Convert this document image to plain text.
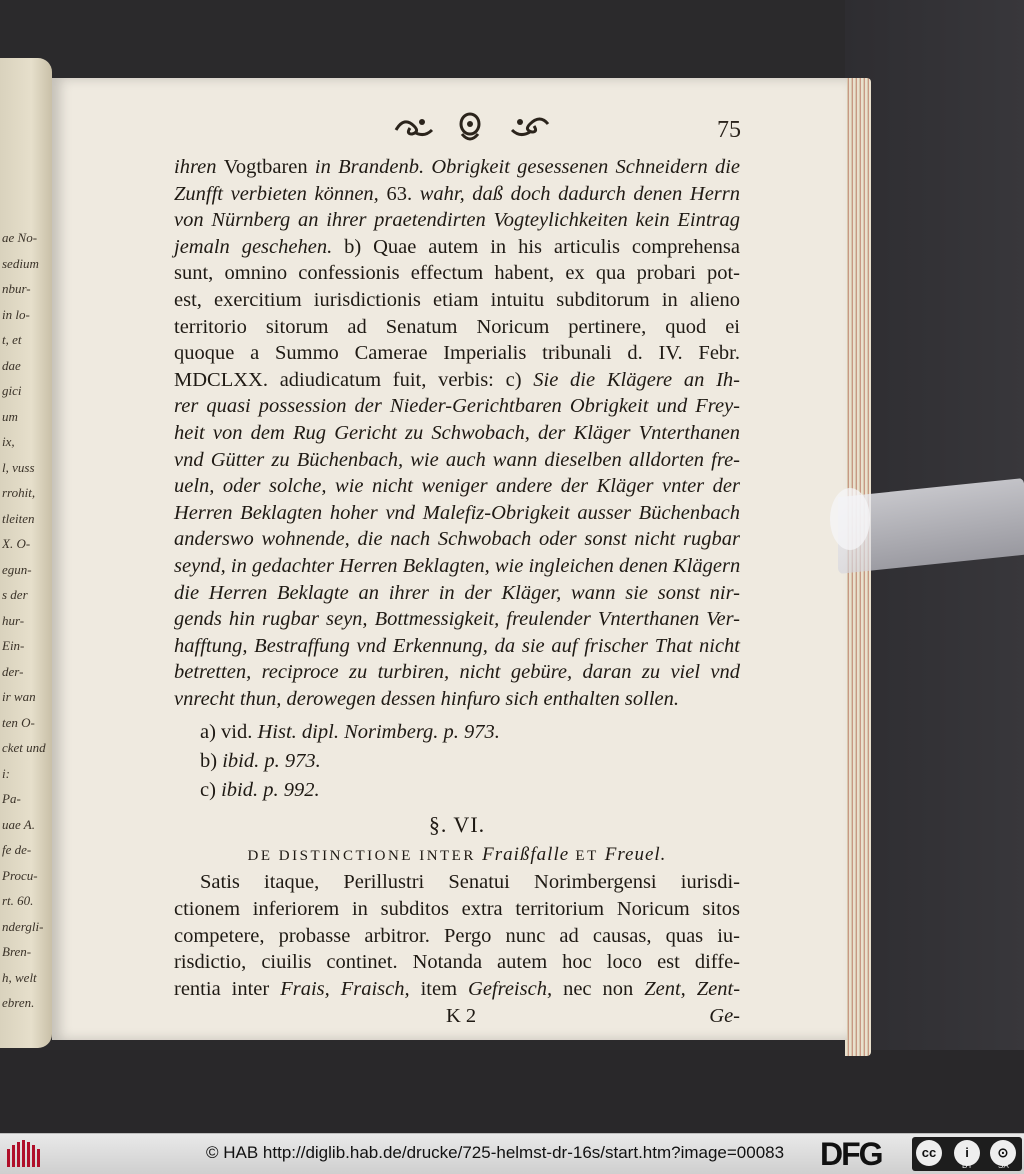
ae No-
sedium
nbur-
in lo-
t, et
dae
gici
um
ix,
l, vuss
rrohit,
tleiten
X. O-
egun-
s der
hur-
Ein-
der-
ir wan
ten O-
cket und
i:
Pa-
uae A.
fe de-
Procu-
rt. 60.
ndergli-
Bren-
h, welt
ebren.
75
ihren Vogtbaren in Brandenb. Obrigkeit gesessenen Schneidern die
Zunfft verbieten können, 63. wahr, daß doch dadurch denen Herrn
von Nürnberg an ihrer praetendirten Vogteylichkeiten kein Eintrag
jemaln geschehen. b) Quae autem in his articulis comprehensa
sunt, omnino confessionis effectum habent, ex qua probari pot-
est, exercitium iurisdictionis etiam intuitu subditorum in alieno
territorio sitorum ad Senatum Noricum pertinere, quod ei
quoque a Summo Camerae Imperialis tribunali d. IV. Febr.
MDCLXX. adiudicatum fuit, verbis: c) Sie die Klägere an Ih-
rer quasi possession der Nieder-Gerichtbaren Obrigkeit und Frey-
heit von dem Rug Gericht zu Schwobach, der Kläger Vnterthanen
vnd Gütter zu Büchenbach, wie auch wann dieselben alldorten fre-
ueln, oder solche, wie nicht weniger andere der Kläger vnter der
Herren Beklagten hoher vnd Malefiz-Obrigkeit ausser Büchenbach
anderswo wohnende, die nach Schwobach oder sonst nicht rugbar
seynd, in gedachter Herren Beklagten, wie ingleichen denen Klägern
die Herren Beklagte an ihrer in der Kläger, wann sie sonst nir-
gends hin rugbar seyn, Bottmessigkeit, freulender Vnterthanen Ver-
hafftung, Bestraffung vnd Erkennung, da sie auf frischer That nicht
betretten, reciproce zu turbiren, nicht gebüre, daran zu viel vnd
vnrecht thun, derowegen dessen hinfuro sich enthalten sollen.
a) vid. Hist. dipl. Norimberg. p. 973.
b) ibid. p. 973.
c) ibid. p. 992.
§. VI.
DE DISTINCTIONE INTER Fraißfalle ET Freuel.
Satis itaque, Perillustri Senatui Norimbergensi iurisdi-
ctionem inferiorem in subditos extra territorium Noricum sitos
competere, probasse arbitror. Pergo nunc ad causas, quas iu-
risdictio, ciuilis continet. Notanda autem hoc loco est diffe-
rentia inter Frais, Fraisch, item Gefreisch, nec non Zent, Zent-
K 2	Ge-
© HAB http://diglib.hab.de/drucke/725-helmst-dr-16s/start.htm?image=00083 DFG	cc	i	⊙
BY	SA
